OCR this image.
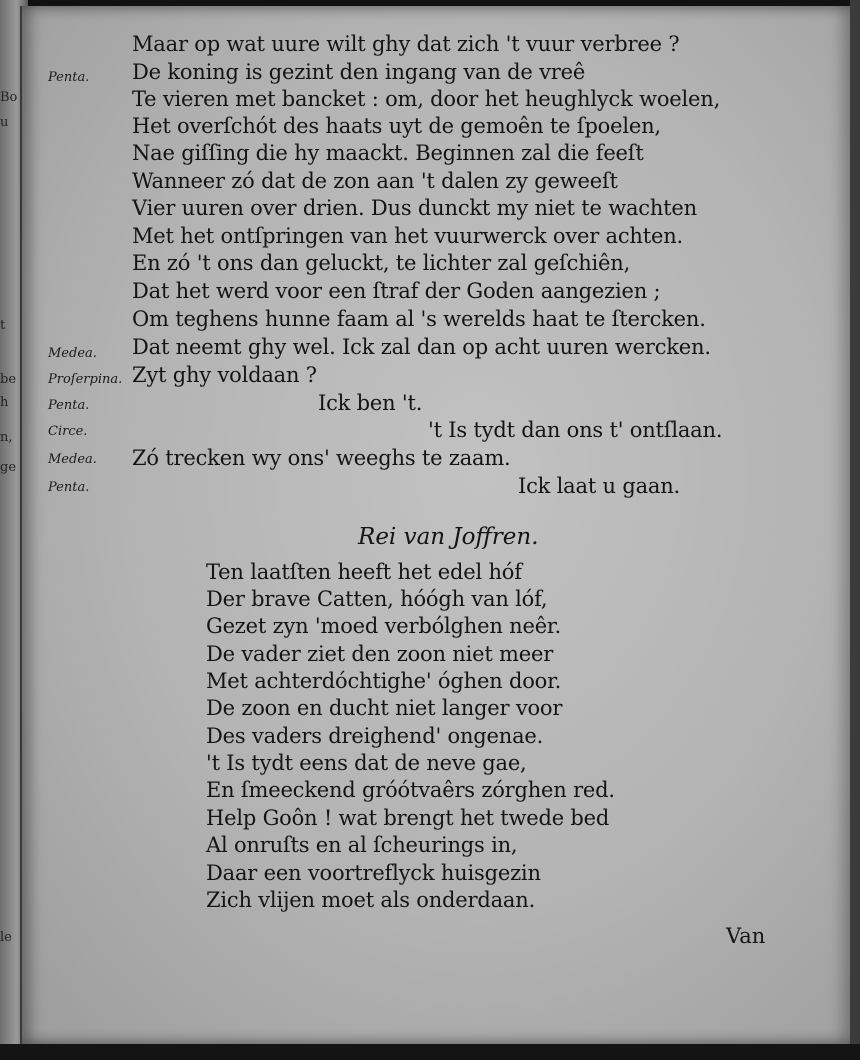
Bo
u
t
be
h
n,
ge
le
Penta.
Medea.
Proſerpina.
Penta.
Circe.
Medea.
Penta.
Maar op wat uure wilt ghy dat zich 't vuur verbree ?
De koning is gezint den ingang van de vreê
Te vieren met bancket : om, door het heughlyck woelen,
Het overſchót des haats uyt de gemoên te ſpoelen,
Nae giſſing die hy maackt. Beginnen zal die feeſt
Wanneer zó dat de zon aan 't dalen zy geweeſt
Vier uuren over drien. Dus dunckt my niet te wachten
Met het ontſpringen van het vuurwerck over achten.
En zó 't ons dan geluckt, te lichter zal geſchiên,
Dat het werd voor een ſtraf der Goden aangezien ;
Om teghens hunne faam al 's werelds haat te ſtercken.
Dat neemt ghy wel. Ick zal dan op acht uuren wercken.
Zyt ghy voldaan ?
Ick ben 't.
't Is tydt dan ons t' ontſlaan.
Zó trecken wy ons' weeghs te zaam.
Ick laat u gaan.
Rei van Joffren.
Ten laatſten heeft het edel hóf
Der brave Catten, hóógh van lóf,
Gezet zyn 'moed verbólghen neêr.
De vader ziet den zoon niet meer
Met achterdóchtighe' óghen door.
De zoon en ducht niet langer voor
Des vaders dreighend' ongenae.
't Is tydt eens dat de neve gae,
En ſmeeckend gróótvaêrs zórghen red.
Help Goôn ! wat brengt het twede bed
Al onruſts en al ſcheurings in,
Daar een voortreflyck huisgezin
Zich vlijen moet als onderdaan.
Van
